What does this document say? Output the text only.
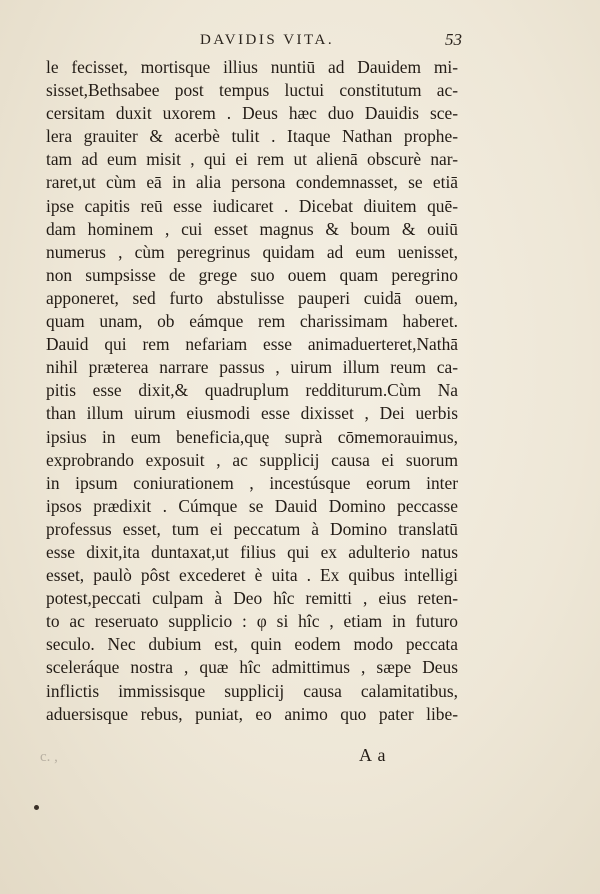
DAVIDIS VITA.	53
le fecisset, mortisque illius nuntiū ad Dauidem mi-
sisset,Bethsabee post tempus luctui constitutum ac-
cersitam duxit uxorem . Deus hæc duo Dauidis sce-
lera grauiter & acerbè tulit . Itaque Nathan prophe-
tam ad eum misit , qui ei rem ut alienā obscurè nar-
raret,ut cùm eā in alia persona condemnasset, se etiā
ipse capitis reū esse iudicaret . Dicebat diuitem quē-
dam hominem , cui esset magnus & boum & ouiū
numerus , cùm peregrinus quidam ad eum uenisset,
non sumpsisse de grege suo ouem quam peregrino
apponeret, sed furto abstulisse pauperi cuidā ouem,
quam unam, ob eámque rem charissimam haberet.
Dauid qui rem nefariam esse animaduerteret,Nathā
nihil præterea narrare passus , uirum illum reum ca-
pitis esse dixit,& quadruplum redditurum.Cùm Na
than illum uirum eiusmodi esse dixisset , Dei uerbis
ipsius in eum beneficia,quę suprà cōmemorauimus,
exprobrando exposuit , ac supplicij causa ei suorum
in ipsum coniurationem , incestúsque eorum inter
ipsos prædixit . Cúmque se Dauid Domino peccasse
professus esset, tum ei peccatum à Domino translatū
esse dixit,ita duntaxat,ut filius qui ex adulterio natus
esset, paulò pôst excederet è uita . Ex quibus intelligi
potest,peccati culpam à Deo hîc remitti , eius reten-
to ac reseruato supplicio : φ si hîc , etiam in futuro
seculo. Nec dubium est, quin eodem modo peccata
sceleráque nostra , quæ hîc admittimus , sæpe Deus
inflictis immissisque supplicij causa calamitatibus,
aduersisque rebus, puniat, eo animo quo pater libe-
c. ,	A a
